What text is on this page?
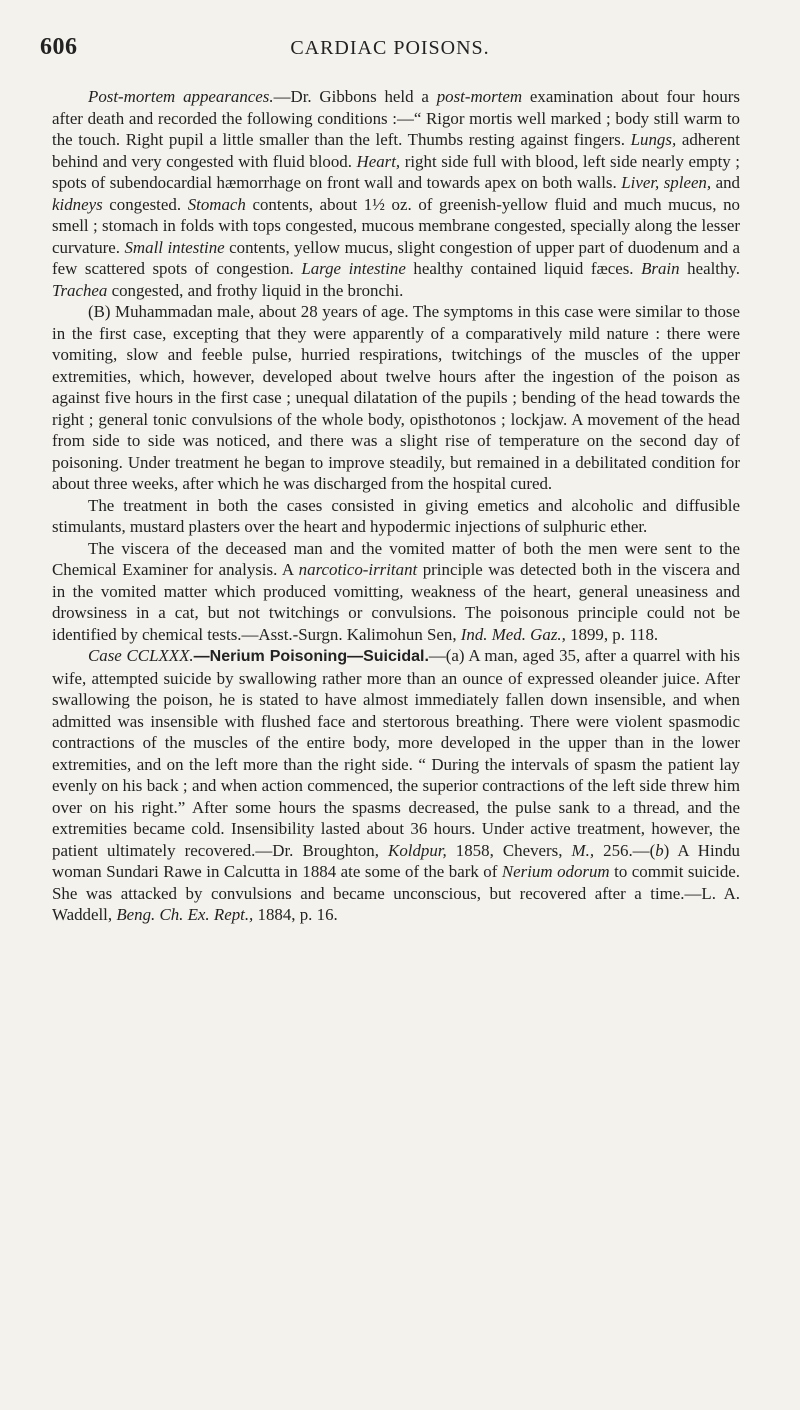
606	CARDIAC POISONS.

Post-mortem appearances.—Dr. Gibbons held a post-mortem examination about four hours after death and recorded the following conditions :—“ Rigor mortis well marked ; body still warm to the touch. Right pupil a little smaller than the left. Thumbs resting against fingers. Lungs, adherent behind and very congested with fluid blood. Heart, right side full with blood, left side nearly empty ; spots of subendocardial hæmorrhage on front wall and towards apex on both walls. Liver, spleen, and kidneys congested. Stomach contents, about 1½ oz. of greenish-yellow fluid and much mucus, no smell ; stomach in folds with tops congested, mucous membrane congested, specially along the lesser curvature. Small intestine contents, yellow mucus, slight congestion of upper part of duodenum and a few scattered spots of congestion. Large intestine healthy contained liquid fæces. Brain healthy. Trachea congested, and frothy liquid in the bronchi.

(B) Muhammadan male, about 28 years of age. The symptoms in this case were similar to those in the first case, excepting that they were apparently of a comparatively mild nature : there were vomiting, slow and feeble pulse, hurried respirations, twitchings of the muscles of the upper extremities, which, however, developed about twelve hours after the ingestion of the poison as against five hours in the first case ; unequal dilatation of the pupils ; bending of the head towards the right ; general tonic convulsions of the whole body, opisthotonos ; lockjaw. A movement of the head from side to side was noticed, and there was a slight rise of temperature on the second day of poisoning. Under treatment he began to improve steadily, but remained in a debilitated condition for about three weeks, after which he was discharged from the hospital cured.

The treatment in both the cases consisted in giving emetics and alcoholic and diffusible stimulants, mustard plasters over the heart and hypodermic injections of sulphuric ether.

The viscera of the deceased man and the vomited matter of both the men were sent to the Chemical Examiner for analysis. A narcotico-irritant principle was detected both in the viscera and in the vomited matter which produced vomitting, weakness of the heart, general uneasiness and drowsiness in a cat, but not twitchings or convulsions. The poisonous principle could not be identified by chemical tests.—Asst.-Surgn. Kalimohun Sen, Ind. Med. Gaz., 1899, p. 118.

Case CCLXXX.—Nerium Poisoning—Suicidal.—(a) A man, aged 35, after a quarrel with his wife, attempted suicide by swallowing rather more than an ounce of expressed oleander juice. After swallowing the poison, he is stated to have almost immediately fallen down insensible, and when admitted was insensible with flushed face and stertorous breathing. There were violent spasmodic contractions of the muscles of the entire body, more developed in the upper than in the lower extremities, and on the left more than the right side. “ During the intervals of spasm the patient lay evenly on his back ; and when action commenced, the superior contractions of the left side threw him over on his right.” After some hours the spasms decreased, the pulse sank to a thread, and the extremities became cold. Insensibility lasted about 36 hours. Under active treatment, however, the patient ultimately recovered.—Dr. Broughton, Koldpur, 1858, Chevers, M., 256.—(b) A Hindu woman Sundari Rawe in Calcutta in 1884 ate some of the bark of Nerium odorum to commit suicide. She was attacked by convulsions and became unconscious, but recovered after a time.—L. A. Waddell, Beng. Ch. Ex. Rept., 1884, p. 16.
